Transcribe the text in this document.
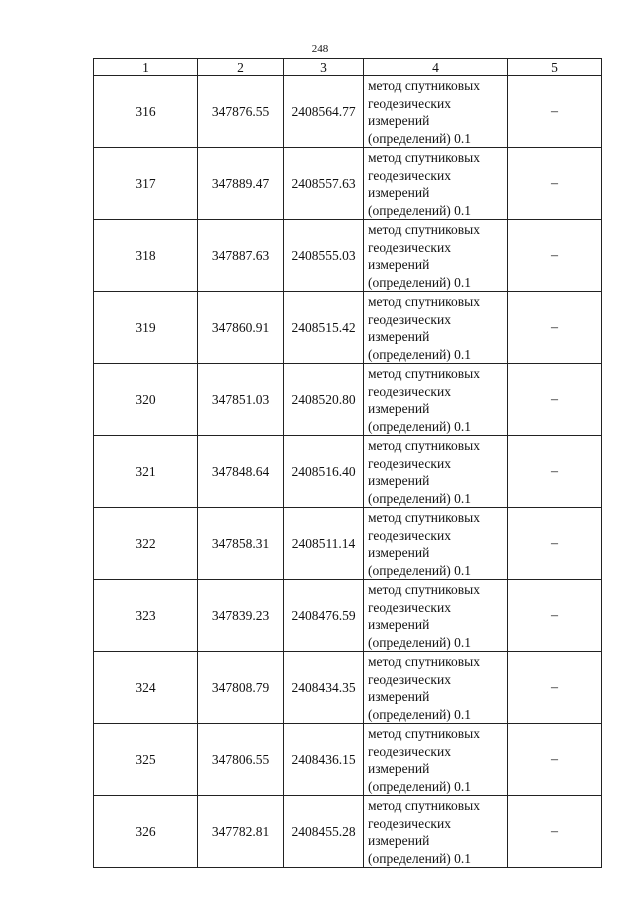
248
1	2	3	4	5
316	347876.55	2408564.77	метод спутниковых
геодезических
измерений
(определений) 0.1	–
317	347889.47	2408557.63	метод спутниковых
геодезических
измерений
(определений) 0.1	–
318	347887.63	2408555.03	метод спутниковых
геодезических
измерений
(определений) 0.1	–
319	347860.91	2408515.42	метод спутниковых
геодезических
измерений
(определений) 0.1	–
320	347851.03	2408520.80	метод спутниковых
геодезических
измерений
(определений) 0.1	–
321	347848.64	2408516.40	метод спутниковых
геодезических
измерений
(определений) 0.1	–
322	347858.31	2408511.14	метод спутниковых
геодезических
измерений
(определений) 0.1	–
323	347839.23	2408476.59	метод спутниковых
геодезических
измерений
(определений) 0.1	–
324	347808.79	2408434.35	метод спутниковых
геодезических
измерений
(определений) 0.1	–
325	347806.55	2408436.15	метод спутниковых
геодезических
измерений
(определений) 0.1	–
326	347782.81	2408455.28	метод спутниковых
геодезических
измерений
(определений) 0.1	–
